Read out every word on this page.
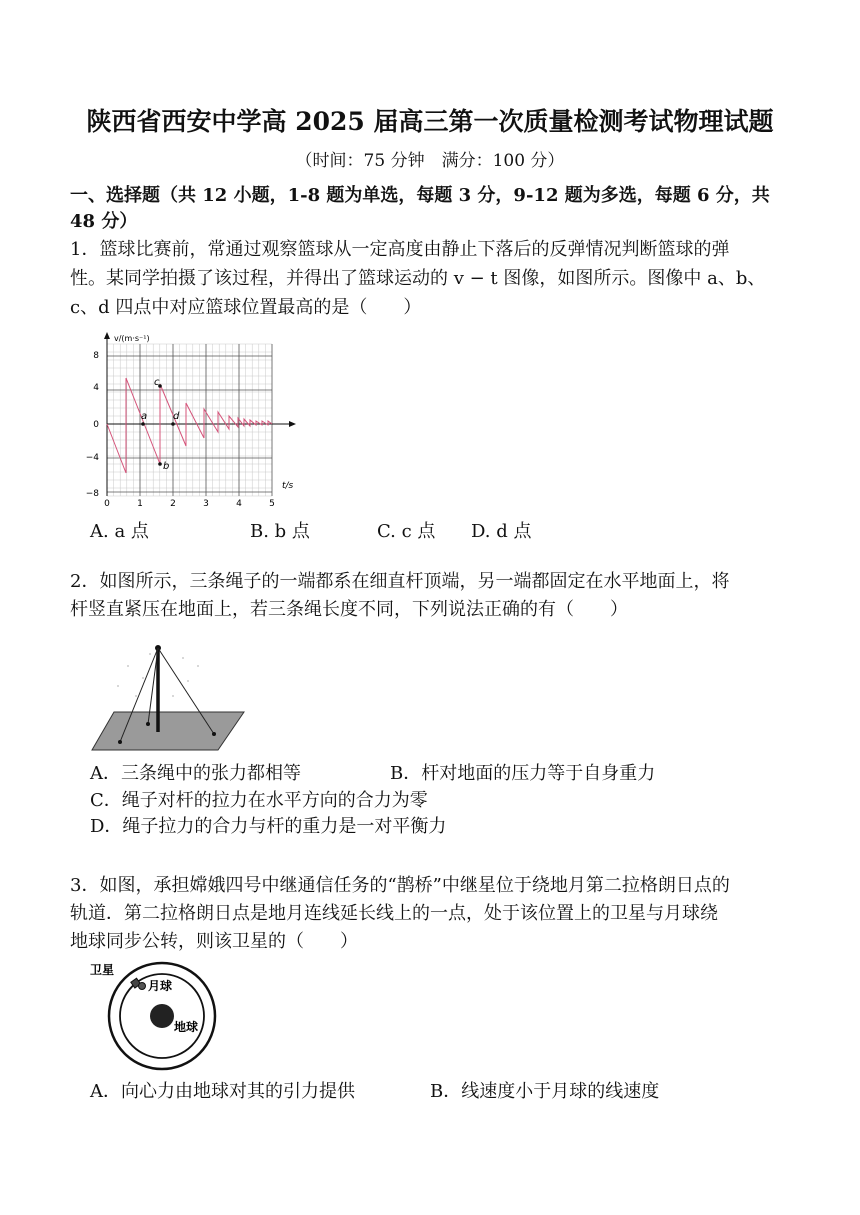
陕西省西安中学高 2025 届高三第一次质量检测考试物理试题
（时间：75 分钟　满分：100 分）
一、选择题（共 12 小题，1-8 题为单选，每题 3 分，9-12 题为多选，每题 6 分，共
48 分）
1．篮球比赛前，常通过观察篮球从一定高度由静止下落后的反弹情况判断篮球的弹
性。某同学拍摄了该过程，并得出了篮球运动的 v − t 图像，如图所示。图像中 a、b、
c、d 四点中对应篮球位置最高的是（　　）
v/(m·s⁻¹)
t/s
8
4
0
−4
−8
0	1	2	3	4	5
a
b
c
d
A. a 点	B. b 点	C. c 点 D. d 点
2．如图所示，三条绳子的一端都系在细直杆顶端，另一端都固定在水平地面上，将
杆竖直紧压在地面上，若三条绳长度不同，下列说法正确的有（　　）
A．三条绳中的张力都相等	B．杆对地面的压力等于自身重力
C．绳子对杆的拉力在水平方向的合力为零
D．绳子拉力的合力与杆的重力是一对平衡力
3．如图，承担嫦娥四号中继通信任务的“鹊桥”中继星位于绕地月第二拉格朗日点的
轨道．第二拉格朗日点是地月连线延长线上的一点，处于该位置上的卫星与月球绕
地球同步公转，则该卫星的（　　）
卫星
月球
地球
A．向心力由地球对其的引力提供	B．线速度小于月球的线速度
